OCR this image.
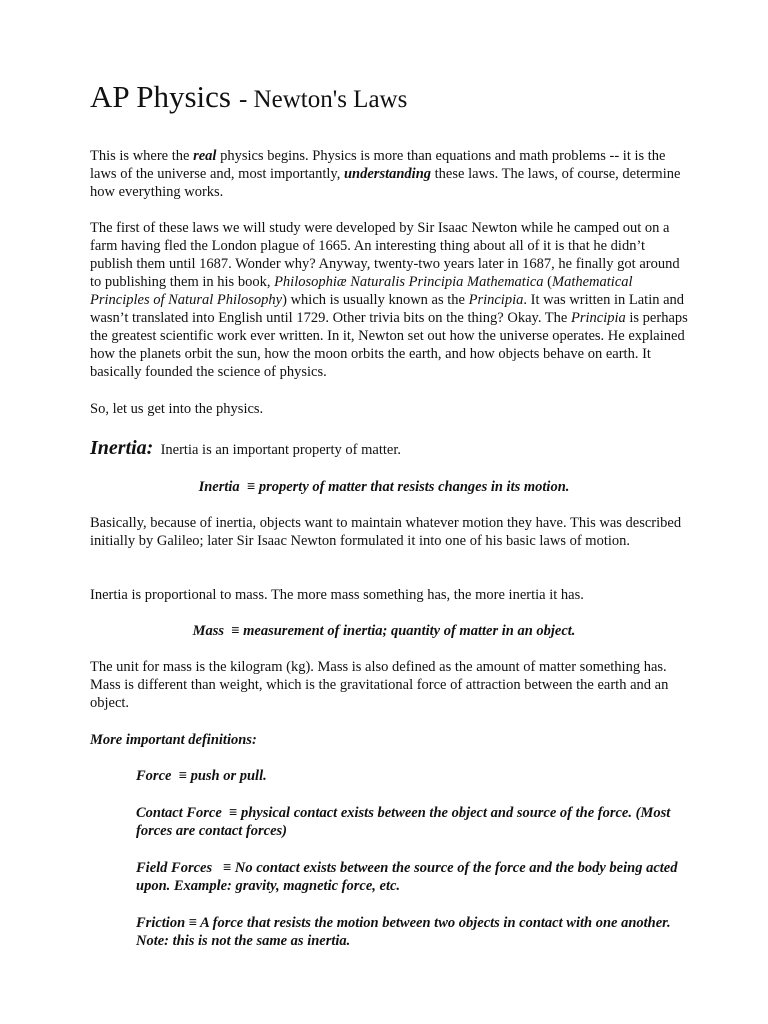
AP Physics - Newton's Laws

This is where the real physics begins. Physics is more than equations and math problems -- it is the laws of the universe and, most importantly, understanding these laws. The laws, of course, determine how everything works.

The first of these laws we will study were developed by Sir Isaac Newton while he camped out on a farm having fled the London plague of 1665. An interesting thing about all of it is that he didn’t publish them until 1687. Wonder why? Anyway, twenty-two years later in 1687, he finally got around to publishing them in his book, Philosophiæ Naturalis Principia Mathematica (Mathematical Principles of Natural Philosophy) which is usually known as the Principia. It was written in Latin and wasn’t translated into English until 1729. Other trivia bits on the thing? Okay. The Principia is perhaps the greatest scientific work ever written. In it, Newton set out how the universe operates. He explained how the planets orbit the sun, how the moon orbits the earth, and how objects behave on earth. It basically founded the science of physics.

So, let us get into the physics.

Inertia: Inertia is an important property of matter.

Inertia ≡ property of matter that resists changes in its motion.

Basically, because of inertia, objects want to maintain whatever motion they have. This was described initially by Galileo; later Sir Isaac Newton formulated it into one of his basic laws of motion.

Inertia is proportional to mass. The more mass something has, the more inertia it has.

Mass ≡ measurement of inertia; quantity of matter in an object.

The unit for mass is the kilogram (kg). Mass is also defined as the amount of matter something has. Mass is different than weight, which is the gravitational force of attraction between the earth and an object.

More important definitions:

Force ≡ push or pull.

Contact Force ≡ physical contact exists between the object and source of the force. (Most forces are contact forces)

Field Forces ≡ No contact exists between the source of the force and the body being acted upon. Example: gravity, magnetic force, etc.

Friction ≡ A force that resists the motion between two objects in contact with one another. Note: this is not the same as inertia.
